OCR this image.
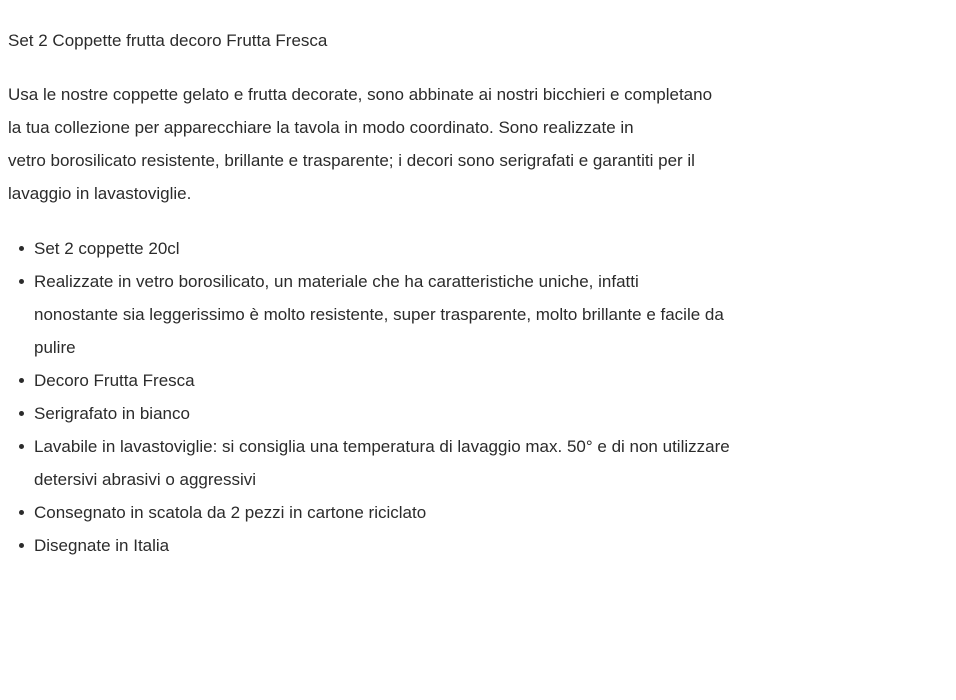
Set 2 Coppette frutta decoro Frutta Fresca
Usa le nostre coppette gelato e frutta decorate, sono abbinate ai nostri bicchieri e completano
la tua collezione per apparecchiare la tavola in modo coordinato. Sono realizzate in
vetro borosilicato resistente, brillante e trasparente; i decori sono serigrafati e garantiti per il
lavaggio in lavastoviglie.
Set 2 coppette 20cl
Realizzate in vetro borosilicato, un materiale che ha caratteristiche uniche, infatti
nonostante sia leggerissimo è molto resistente, super trasparente, molto brillante e facile da
pulire
Decoro Frutta Fresca
Serigrafato in bianco
Lavabile in lavastoviglie: si consiglia una temperatura di lavaggio max. 50° e di non utilizzare
detersivi abrasivi o aggressivi
Consegnato in scatola da 2 pezzi in cartone riciclato
Disegnate in Italia
